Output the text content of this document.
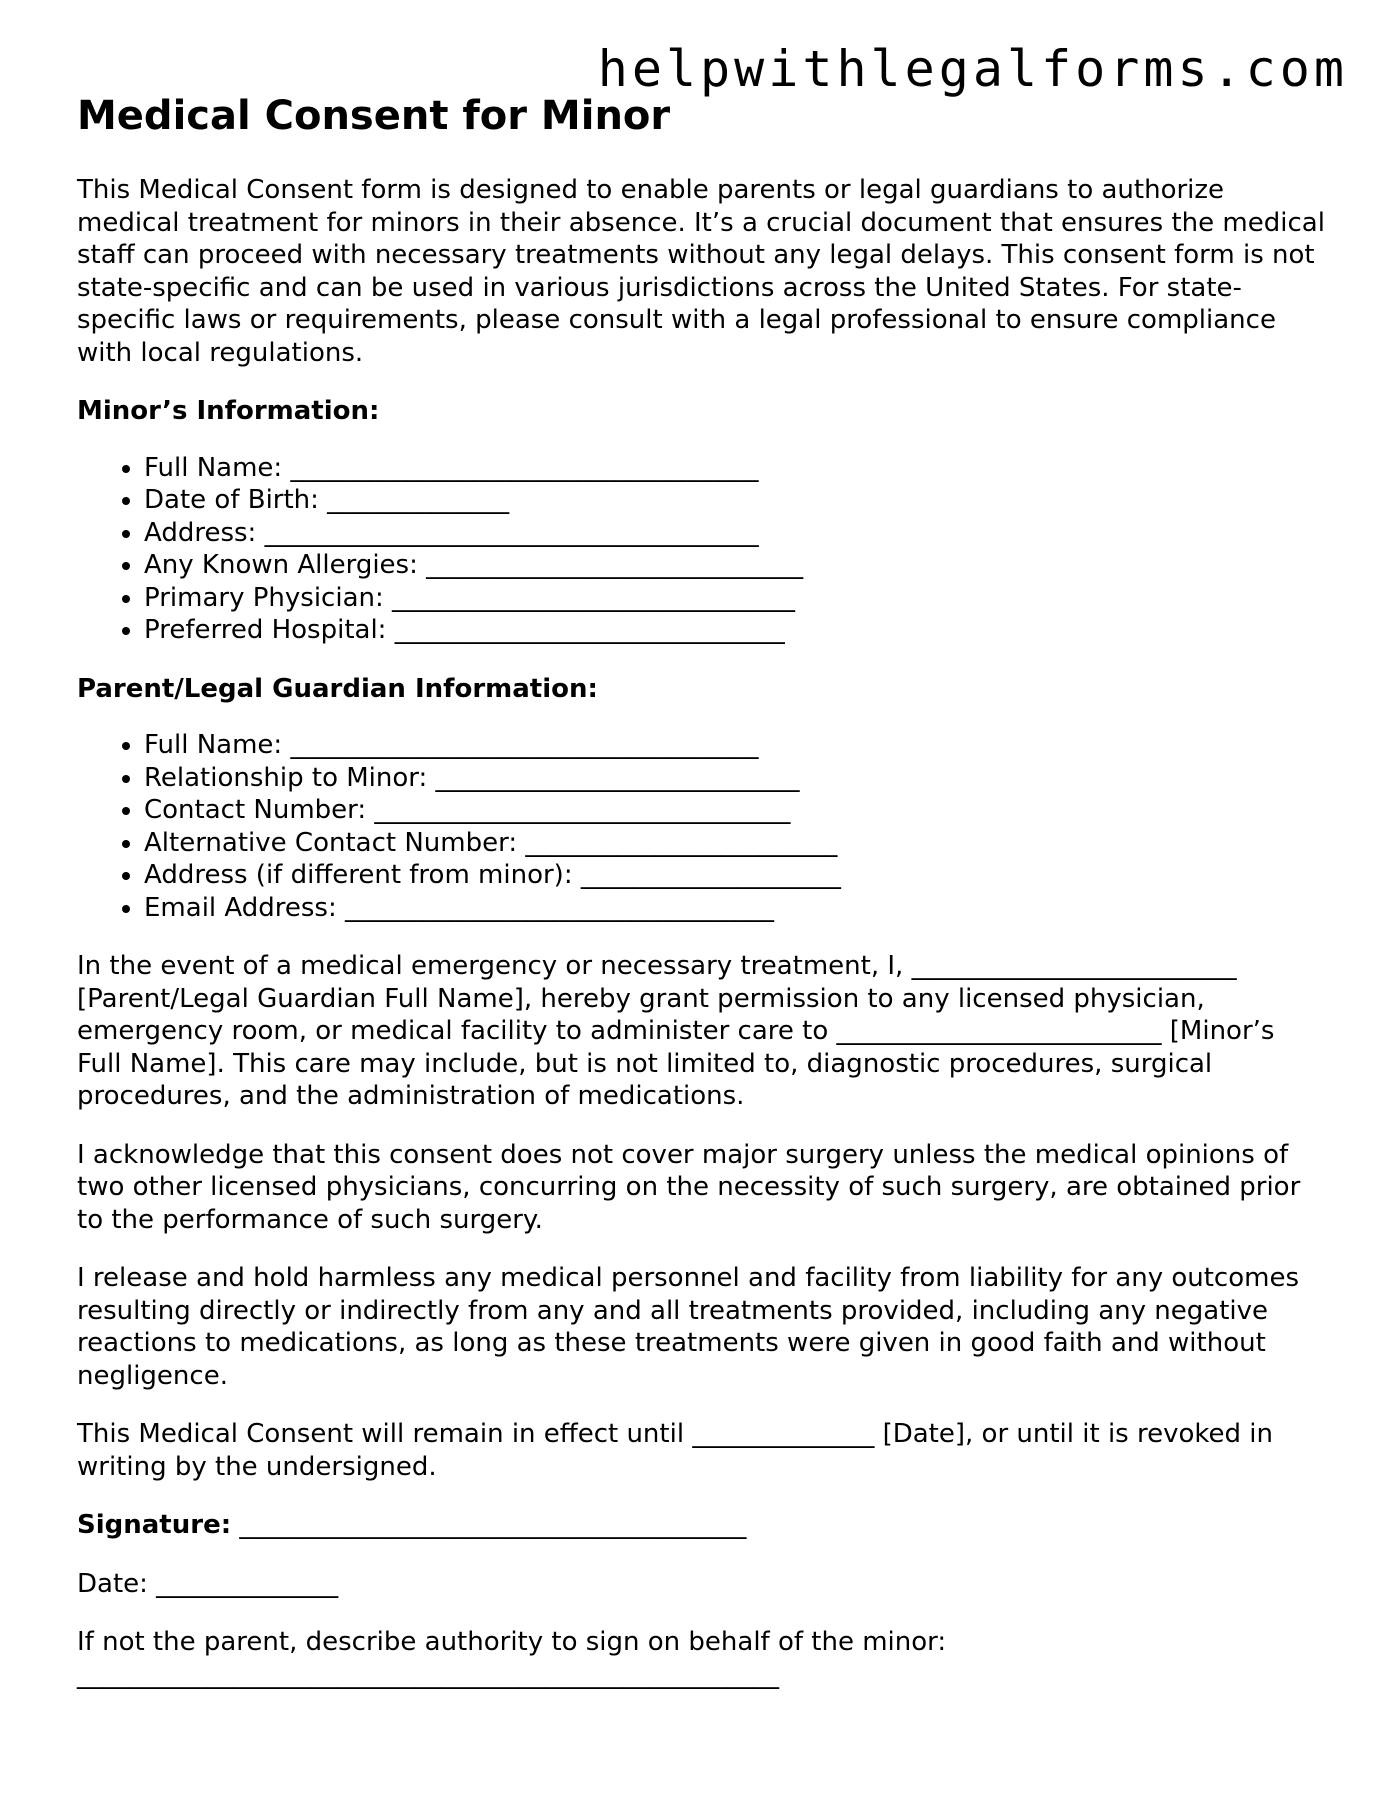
helpwithlegalforms.com
Medical Consent for Minor

This Medical Consent form is designed to enable parents or legal guardians to authorize medical treatment for minors in their absence. It’s a crucial document that ensures the medical staff can proceed with necessary treatments without any legal delays. This consent form is not state-specific and can be used in various jurisdictions across the United States. For state-specific laws or requirements, please consult with a legal professional to ensure compliance with local regulations.

Minor’s Information:

• Full Name: ____________________________________
• Date of Birth: ______________
• Address: ______________________________________
• Any Known Allergies: _____________________________
• Primary Physician: _______________________________
• Preferred Hospital: ______________________________

Parent/Legal Guardian Information:

• Full Name: ____________________________________
• Relationship to Minor: ____________________________
• Contact Number: ________________________________
• Alternative Contact Number: ________________________
• Address (if different from minor): ____________________
• Email Address: _________________________________

In the event of a medical emergency or necessary treatment, I, _________________________ [Parent/Legal Guardian Full Name], hereby grant permission to any licensed physician, emergency room, or medical facility to administer care to _________________________ [Minor’s Full Name]. This care may include, but is not limited to, diagnostic procedures, surgical procedures, and the administration of medications.

I acknowledge that this consent does not cover major surgery unless the medical opinions of two other licensed physicians, concurring on the necessity of such surgery, are obtained prior to the performance of such surgery.

I release and hold harmless any medical personnel and facility from liability for any outcomes resulting directly or indirectly from any and all treatments provided, including any negative reactions to medications, as long as these treatments were given in good faith and without negligence.

This Medical Consent will remain in effect until ______________ [Date], or until it is revoked in writing by the undersigned.

Signature: _______________________________________

Date: ______________

If not the parent, describe authority to sign on behalf of the minor:
______________________________________________________
